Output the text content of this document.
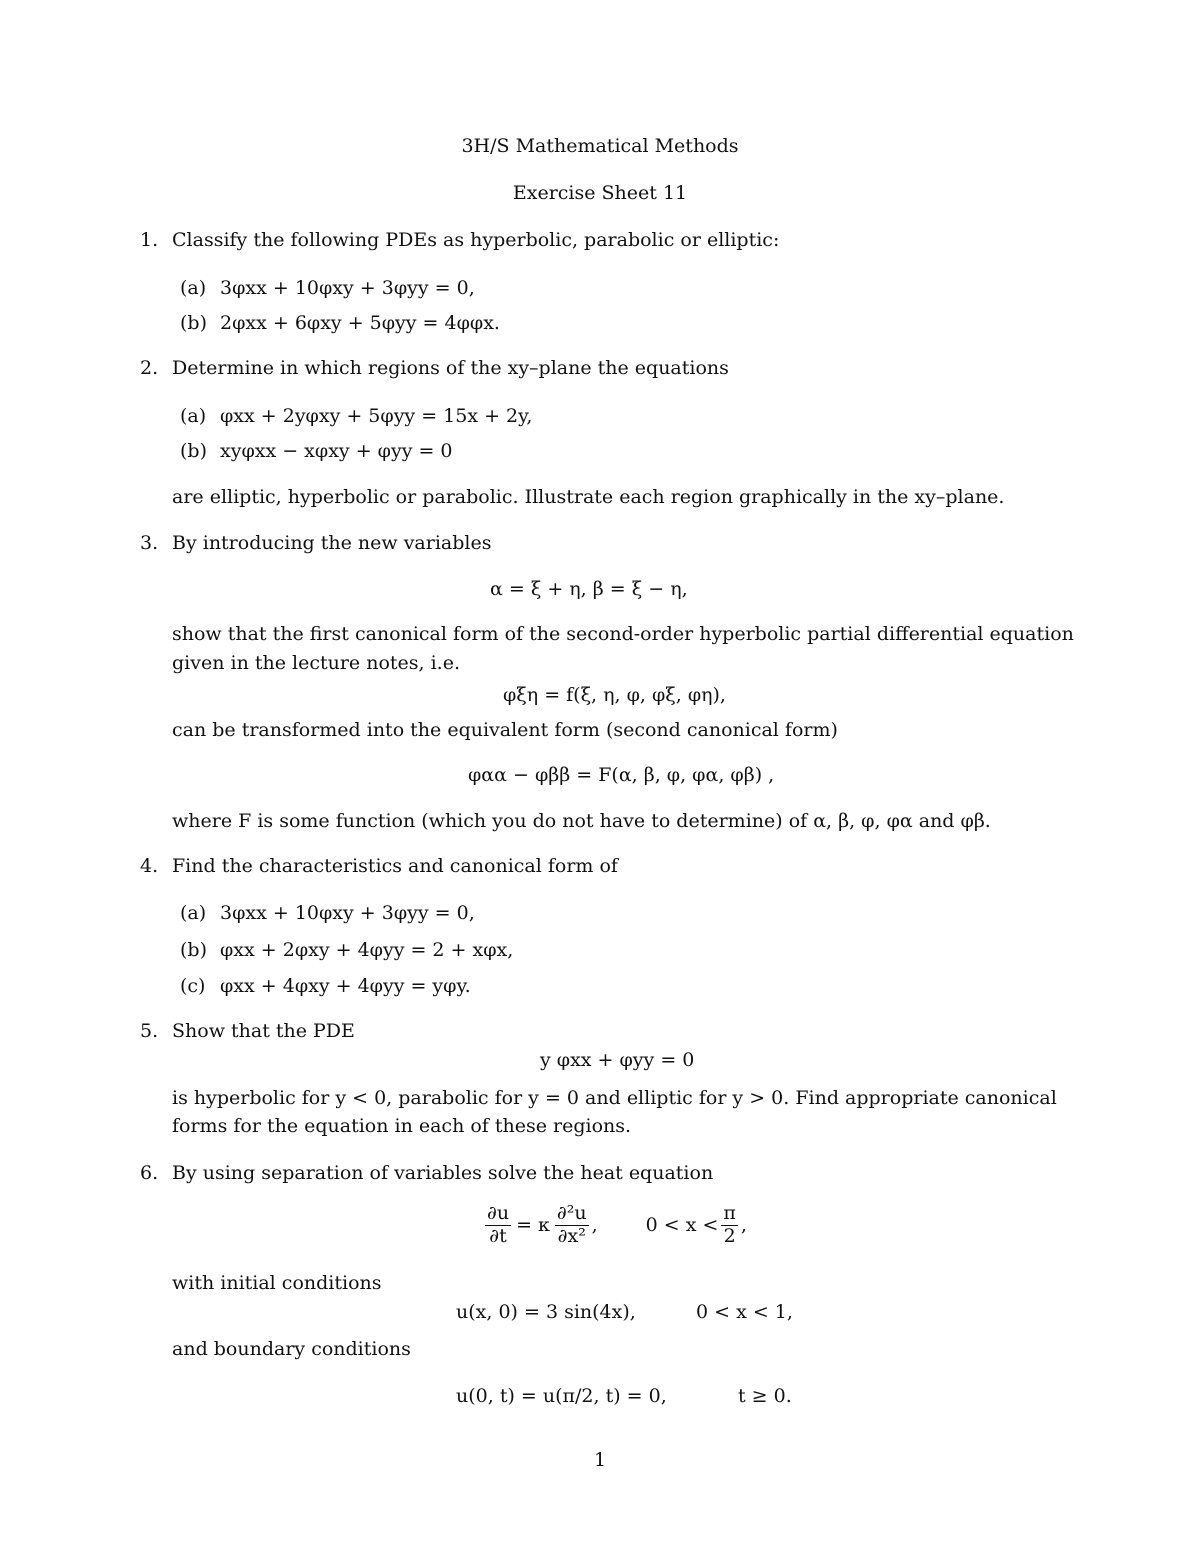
3H/S Mathematical Methods
Exercise Sheet 11
1. Classify the following PDEs as hyperbolic, parabolic or elliptic:
(a) 3φxx + 10φxy + 3φyy = 0,
(b) 2φxx + 6φxy + 5φyy = 4φφx.
2. Determine in which regions of the xy–plane the equations
(a) φxx + 2yφxy + 5φyy = 15x + 2y,
(b) xyφxx − xφxy + φyy = 0
are elliptic, hyperbolic or parabolic. Illustrate each region graphically in the xy–plane.
3. By introducing the new variables
α = ξ + η, β = ξ − η,
show that the first canonical form of the second-order hyperbolic partial differential equation
given in the lecture notes, i.e.
φξη = f(ξ, η, φ, φξ, φη),
can be transformed into the equivalent form (second canonical form)
φαα − φββ = F(α, β, φ, φα, φβ) ,
where F is some function (which you do not have to determine) of α, β, φ, φα and φβ.
4. Find the characteristics and canonical form of
(a) 3φxx + 10φxy + 3φyy = 0,
(b) φxx + 2φxy + 4φyy = 2 + xφx,
(c) φxx + 4φxy + 4φyy = yφy.
5. Show that the PDE
y φxx + φyy = 0
is hyperbolic for y < 0, parabolic for y = 0 and elliptic for y > 0. Find appropriate canonical
forms for the equation in each of these regions.
6. By using separation of variables solve the heat equation
$\frac{\partial u}{\partial t} = \kappa \frac{\text{∂²u}}{\text{∂x²}}$ ,	$0 < x < \frac{\pi}{2}$ ,
with initial conditions
u(x, 0) = 3 sin(4x),	0 < x < 1,
and boundary conditions
u(0, t) = u(π/2, t) = 0,	t ≥ 0.
1
